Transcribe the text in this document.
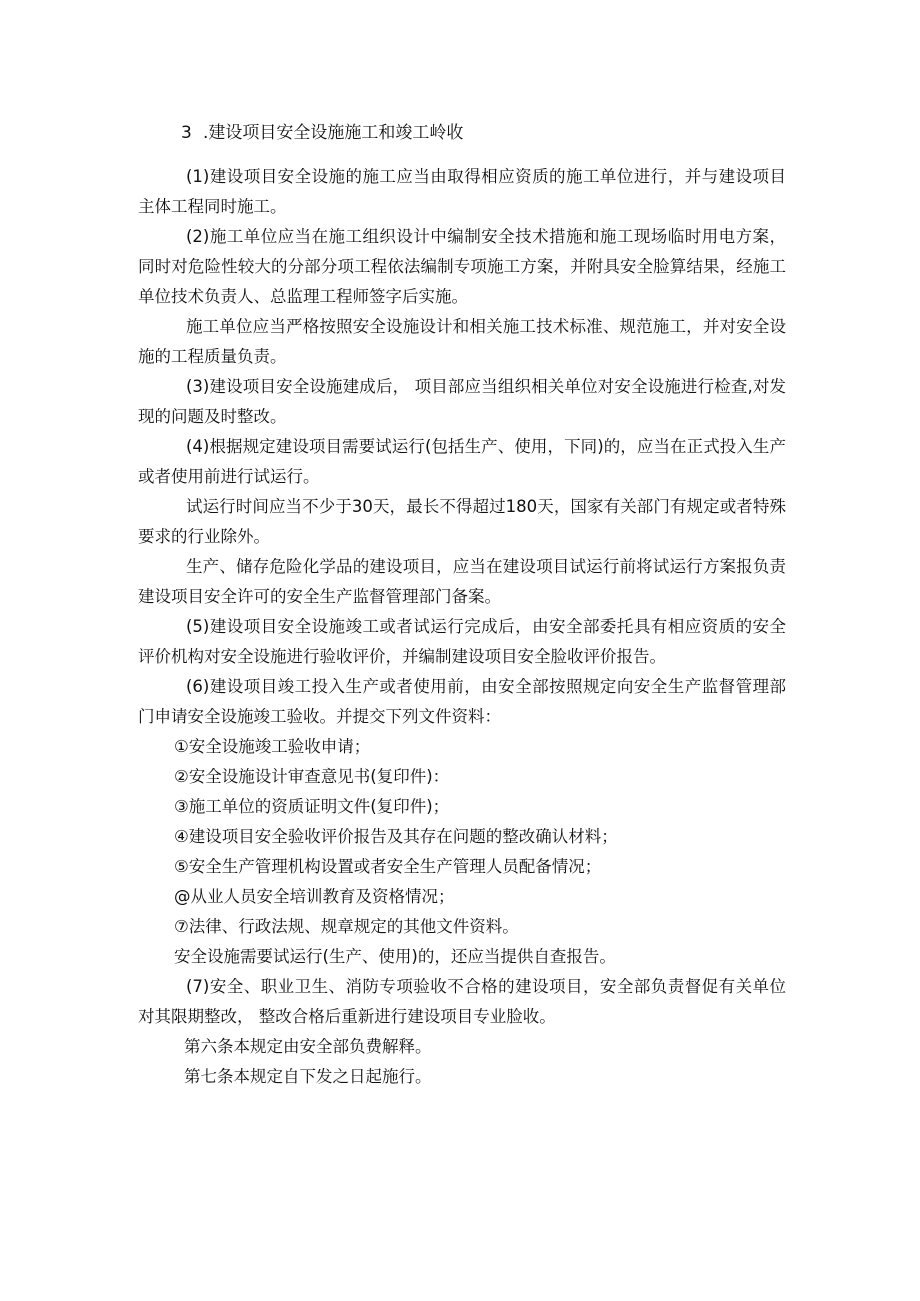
3 .建设项目安全设施施工和竣工岭收

(1)建设项目安全设施的施工应当由取得相应资质的施工单位进行，并与建设项目主体工程同时施工。

(2)施工单位应当在施工组织设计中编制安全技术措施和施工现场临时用电方案，同时对危险性较大的分部分项工程依法编制专项施工方案，并附具安全脸算结果，经施工单位技术负责人、总监理工程师签字后实施。

施工单位应当严格按照安全设施设计和相关施工技术标准、规范施工，并对安全设施的工程质量负责。

(3)建设项目安全设施建成后， 项目部应当组织相关单位对安全设施进行检查,对发现的问题及时整改。

(4)根据规定建设项目需要试运行(包括生产、使用，下同)的，应当在正式投入生产或者使用前进行试运行。

试运行时间应当不少于30天，最长不得超过180天，国家有关部门有规定或者特殊要求的行业除外。

生产、储存危险化学品的建设项目，应当在建设项目试运行前将试运行方案报负责建设项目安全许可的安全生产监督管理部门备案。

(5)建设项目安全设施竣工或者试运行完成后，由安全部委托具有相应资质的安全评价机构对安全设施进行验收评价，并编制建设项目安全脸收评价报告。

(6)建设项目竣工投入生产或者使用前，由安全部按照规定向安全生产监督管理部门申请安全设施竣工验收。并提交下列文件资料：

①安全设施竣工验收申请；

②安全设施设计审查意见书(复印件)：

③施工单位的资质证明文件(复印件)；

④建设项目安全验收评价报告及其存在问题的整改确认材料；

⑤安全生产管理机构设置或者安全生产管理人员配备情况；

@从业人员安全培训教育及资格情况；

⑦法律、行政法规、规章规定的其他文件资料。

安全设施需要试运行(生产、使用)的，还应当提供自查报告。

(7)安全、职业卫生、消防专项验收不合格的建设项目，安全部负责督促有关单位对其限期整改， 整改合格后重新进行建设项目专业脸收。

第六条本规定由安全部负费解释。

第七条本规定自下发之日起施行。
